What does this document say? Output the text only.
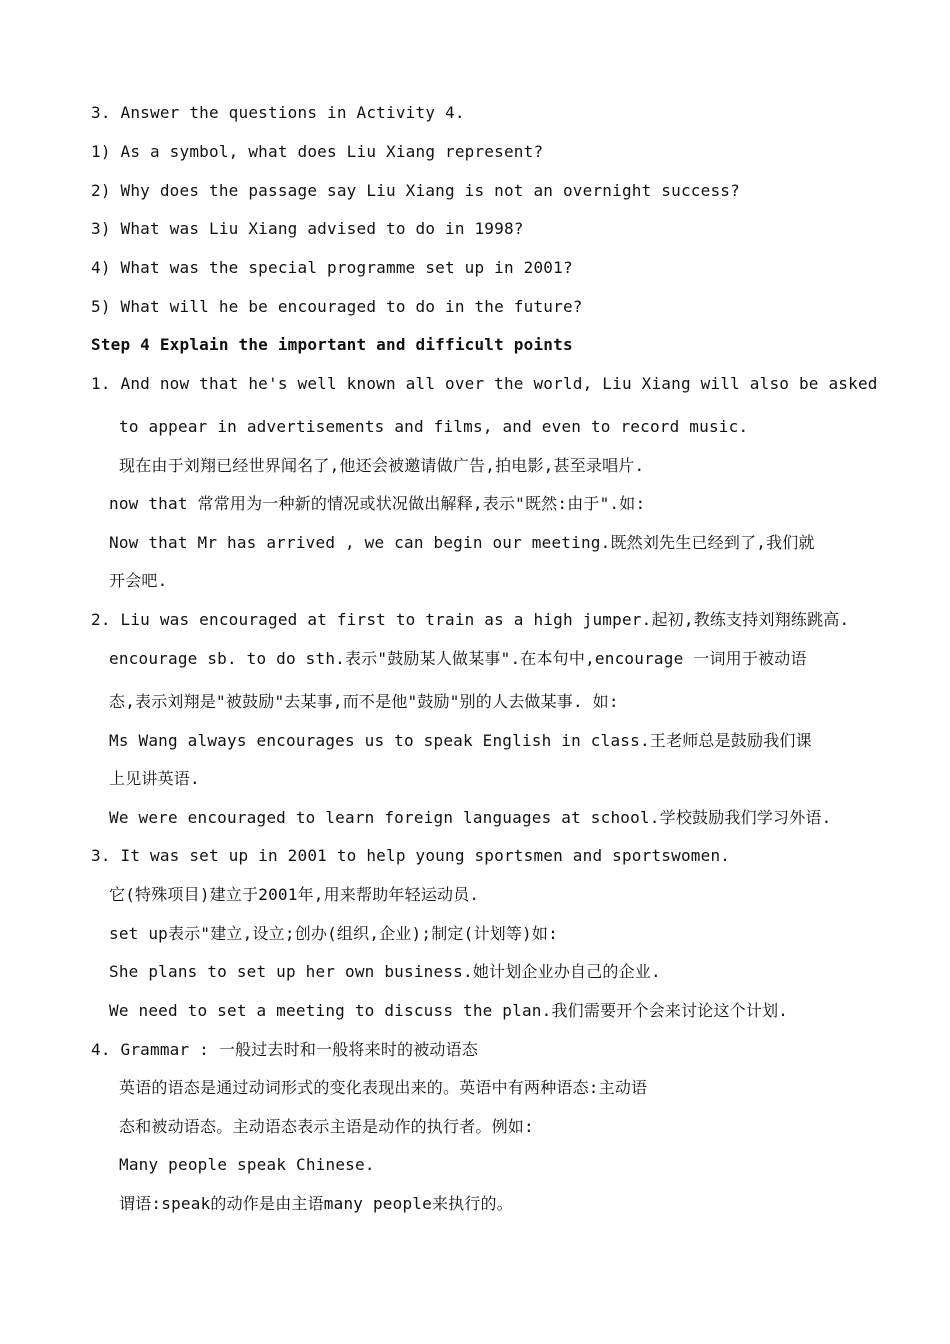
3. Answer the questions in Activity 4.
1) As a symbol, what does Liu Xiang represent?
2) Why does the passage say Liu Xiang is not an overnight success?
3) What was Liu Xiang advised to do in 1998?
4) What was the special programme set up in 2001?
5) What will he be encouraged to do in the future?
Step 4 Explain the important and difficult points
1. And now that he's well known all over the world, Liu Xiang will also be asked
to appear in advertisements and films, and even to record music.
现在由于刘翔已经世界闻名了,他还会被邀请做广告,拍电影,甚至录唱片.
now that 常常用为一种新的情况或状况做出解释,表示"既然:由于".如:
Now that Mr has arrived , we can begin our meeting.既然刘先生已经到了,我们就
开会吧.
2. Liu was encouraged at first to train as a high jumper.起初,教练支持刘翔练跳高.
encourage sb. to do sth.表示"鼓励某人做某事".在本句中,encourage 一词用于被动语
态,表示刘翔是"被鼓励"去某事,而不是他"鼓励"别的人去做某事. 如:
Ms Wang always encourages us to speak English in class.王老师总是鼓励我们课
上见讲英语.
We were encouraged to learn foreign languages at school.学校鼓励我们学习外语.
3. It was set up in 2001 to help young sportsmen and sportswomen.
它(特殊项目)建立于2001年,用来帮助年轻运动员.
set up表示"建立,设立;创办(组织,企业);制定(计划等)如:
She plans to set up her own business.她计划企业办自己的企业.
We need to set a meeting to discuss the plan.我们需要开个会来讨论这个计划.
4. Grammar : 一般过去时和一般将来时的被动语态
英语的语态是通过动词形式的变化表现出来的。英语中有两种语态:主动语
态和被动语态。主动语态表示主语是动作的执行者。例如:
Many people speak Chinese.
谓语:speak的动作是由主语many people来执行的。
